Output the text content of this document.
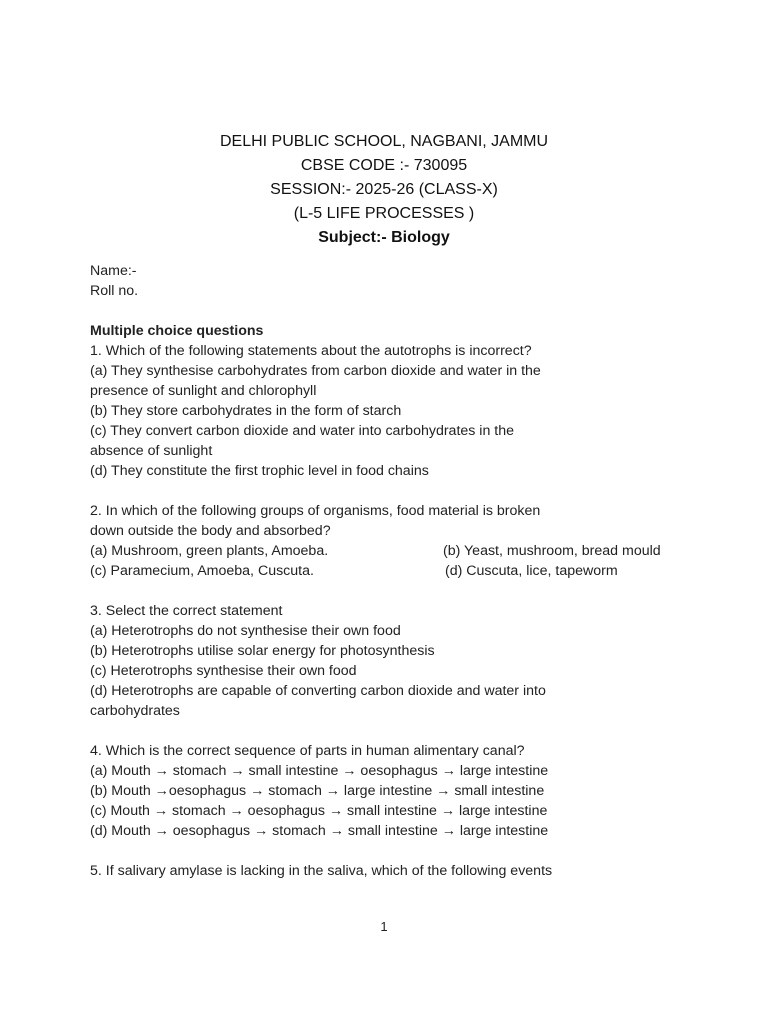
DELHI PUBLIC SCHOOL, NAGBANI, JAMMU
CBSE CODE :- 730095
SESSION:- 2025-26 (CLASS-X)
(L-5 LIFE PROCESSES )
Subject:- Biology
Name:-
Roll no.
Multiple choice questions
1. Which of the following statements about the autotrophs is incorrect?
(a) They synthesise carbohydrates from carbon dioxide and water in the
presence of sunlight and chlorophyll
(b) They store carbohydrates in the form of starch
(c) They convert carbon dioxide and water into carbohydrates in the
absence of sunlight
(d) They constitute the first trophic level in food chains
2. In which of the following groups of organisms, food material is broken
down outside the body and absorbed?
(a) Mushroom, green plants, Amoeba.	(b) Yeast, mushroom, bread mould
(c) Paramecium, Amoeba, Cuscuta.	(d) Cuscuta, lice, tapeworm
3. Select the correct statement
(a) Heterotrophs do not synthesise their own food
(b) Heterotrophs utilise solar energy for photosynthesis
(c) Heterotrophs synthesise their own food
(d) Heterotrophs are capable of converting carbon dioxide and water into
carbohydrates
4. Which is the correct sequence of parts in human alimentary canal?
(a) Mouth → stomach → small intestine → oesophagus → large intestine
(b) Mouth →oesophagus → stomach → large intestine → small intestine
(c) Mouth → stomach → oesophagus → small intestine → large intestine
(d) Mouth → oesophagus → stomach → small intestine → large intestine
5. If salivary amylase is lacking in the saliva, which of the following events
1
